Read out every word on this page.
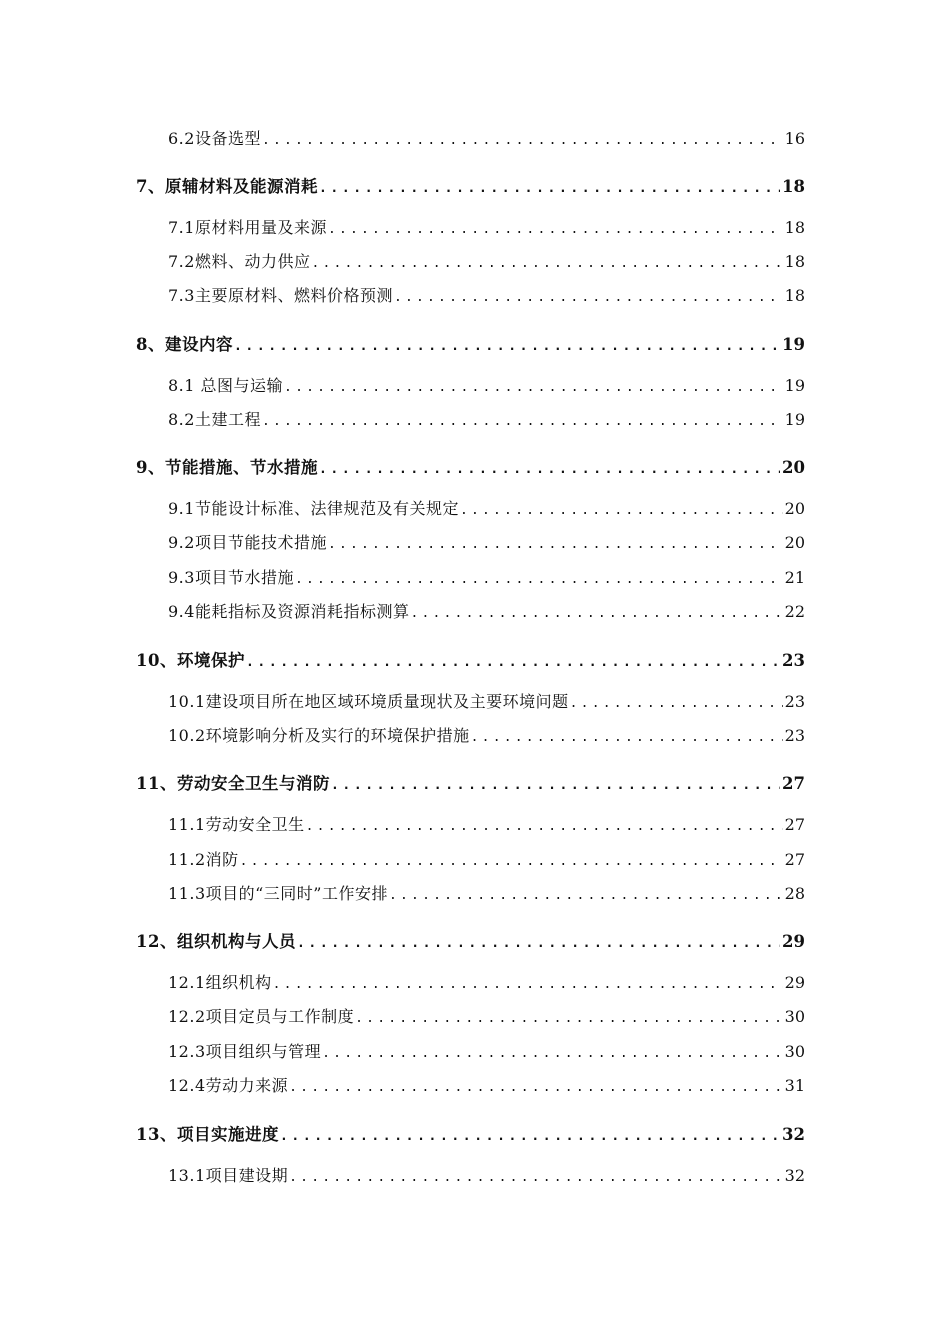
6.2设备选型 .....	16
7、原辅材料及能源消耗 .....	18
7.1原材料用量及来源 .....	18
7.2燃料、动力供应 .....	18
7.3主要原材料、燃料价格预测 .....	18
8、建设内容 .....	19
8.1 总图与运输 .....	19
8.2土建工程 .....	19
9、节能措施、节水措施 .....	20
9.1节能设计标准、法律规范及有关规定 .....	20
9.2项目节能技术措施 .....	20
9.3项目节水措施 .....	21
9.4能耗指标及资源消耗指标测算 .....	22
10、环境保护 .....	23
10.1建设项目所在地区域环境质量现状及主要环境问题 .....	23
10.2环境影响分析及实行的环境保护措施 .....	23
11、劳动安全卫生与消防 .....	27
11.1劳动安全卫生 .....	27
11.2消防 .....	27
11.3项目的“三同时”工作安排 .....	28
12、组织机构与人员 .....	29
12.1组织机构 .....	29
12.2项目定员与工作制度 .....	30
12.3项目组织与管理 .....	30
12.4劳动力来源 .....	31
13、项目实施进度 .....	32
13.1项目建设期 .....	32
